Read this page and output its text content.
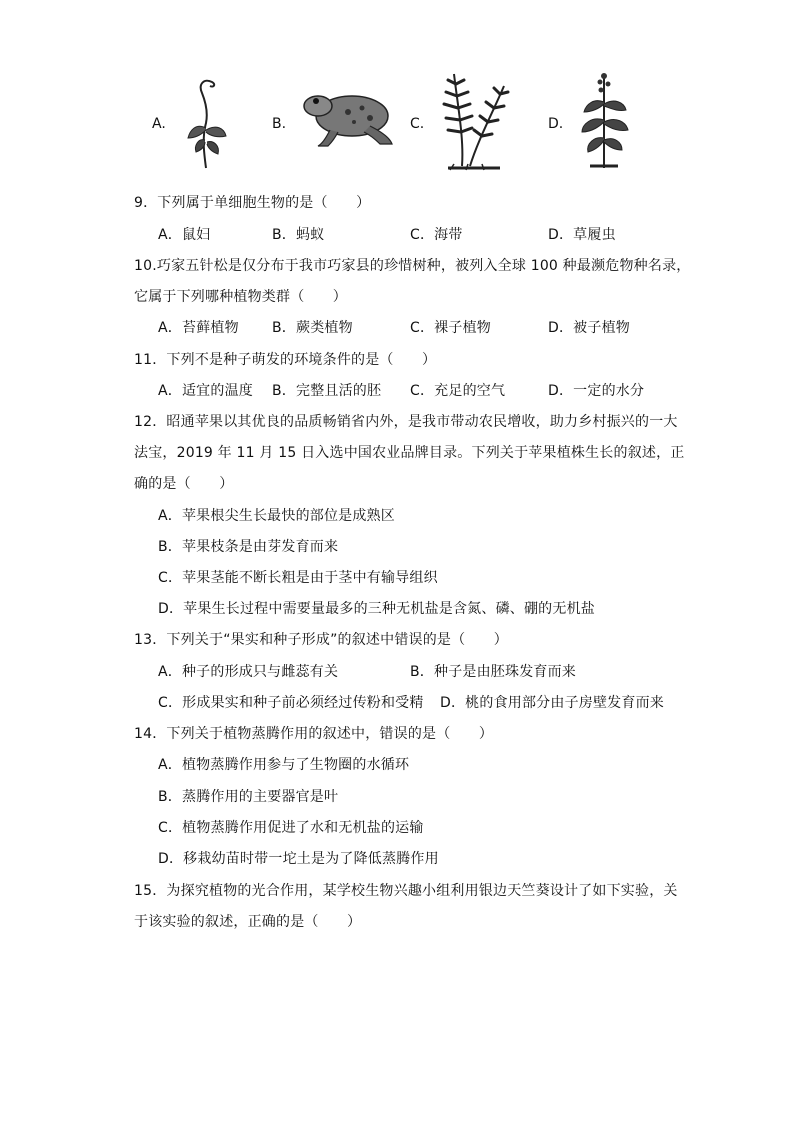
A.	B.	C.	D.
9．下列属于单细胞生物的是（　　）
A．鼠妇	B．蚂蚁	C．海带	D．草履虫
10.巧家五针松是仅分布于我市巧家县的珍惜树种，被列入全球 100 种最濒危物种名录，
它属于下列哪种植物类群（　　）
A．苔藓植物 B．蕨类植物	C．裸子植物	D．被子植物
11．下列不是种子萌发的环境条件的是（　　）
A．适宜的温度 B．完整且活的胚 C．充足的空气	D．一定的水分
12．昭通苹果以其优良的品质畅销省内外，是我市带动农民增收，助力乡村振兴的一大
法宝，2019 年 11 月 15 日入选中国农业品牌目录。下列关于苹果植株生长的叙述，正
确的是（　　）
A．苹果根尖生长最快的部位是成熟区
B．苹果枝条是由芽发育而来
C．苹果茎能不断长粗是由于茎中有输导组织
D．苹果生长过程中需要量最多的三种无机盐是含氮、磷、硼的无机盐
13．下列关于“果实和种子形成”的叙述中错误的是（　　）
A．种子的形成只与雌蕊有关	B．种子是由胚珠发育而来
C．形成果实和种子前必须经过传粉和受精 D．桃的食用部分由子房壁发育而来
14．下列关于植物蒸腾作用的叙述中，错误的是（　　）
A．植物蒸腾作用参与了生物圈的水循环
B．蒸腾作用的主要器官是叶
C．植物蒸腾作用促进了水和无机盐的运输
D．移栽幼苗时带一坨土是为了降低蒸腾作用
15．为探究植物的光合作用，某学校生物兴趣小组利用银边天竺葵设计了如下实验，关
于该实验的叙述，正确的是（　　）
